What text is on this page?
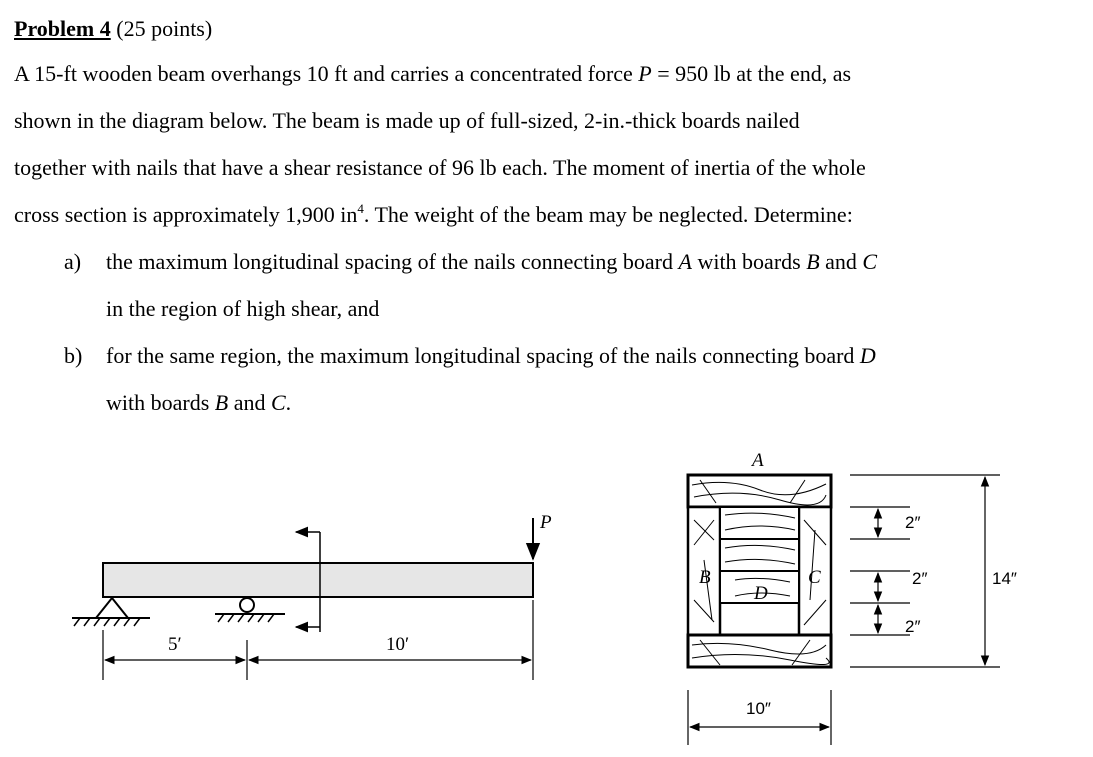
Problem 4 (25 points)
A 15-ft wooden beam overhangs 10 ft and carries a concentrated force P = 950 lb at the end, as
shown in the diagram below. The beam is made up of full-sized, 2-in.-thick boards nailed
together with nails that have a shear resistance of 96 lb each. The moment of inertia of the whole
cross section is approximately 1,900 $in^4$. The weight of the beam may be neglected. Determine:
a) the maximum longitudinal spacing of the nails connecting board A with boards B and C
in the region of high shear, and
b) for the same region, the maximum longitudinal spacing of the nails connecting board D
with boards B and C.
P
5′	10′
A
B	C
D
10″
2″
2″
2″
14″
